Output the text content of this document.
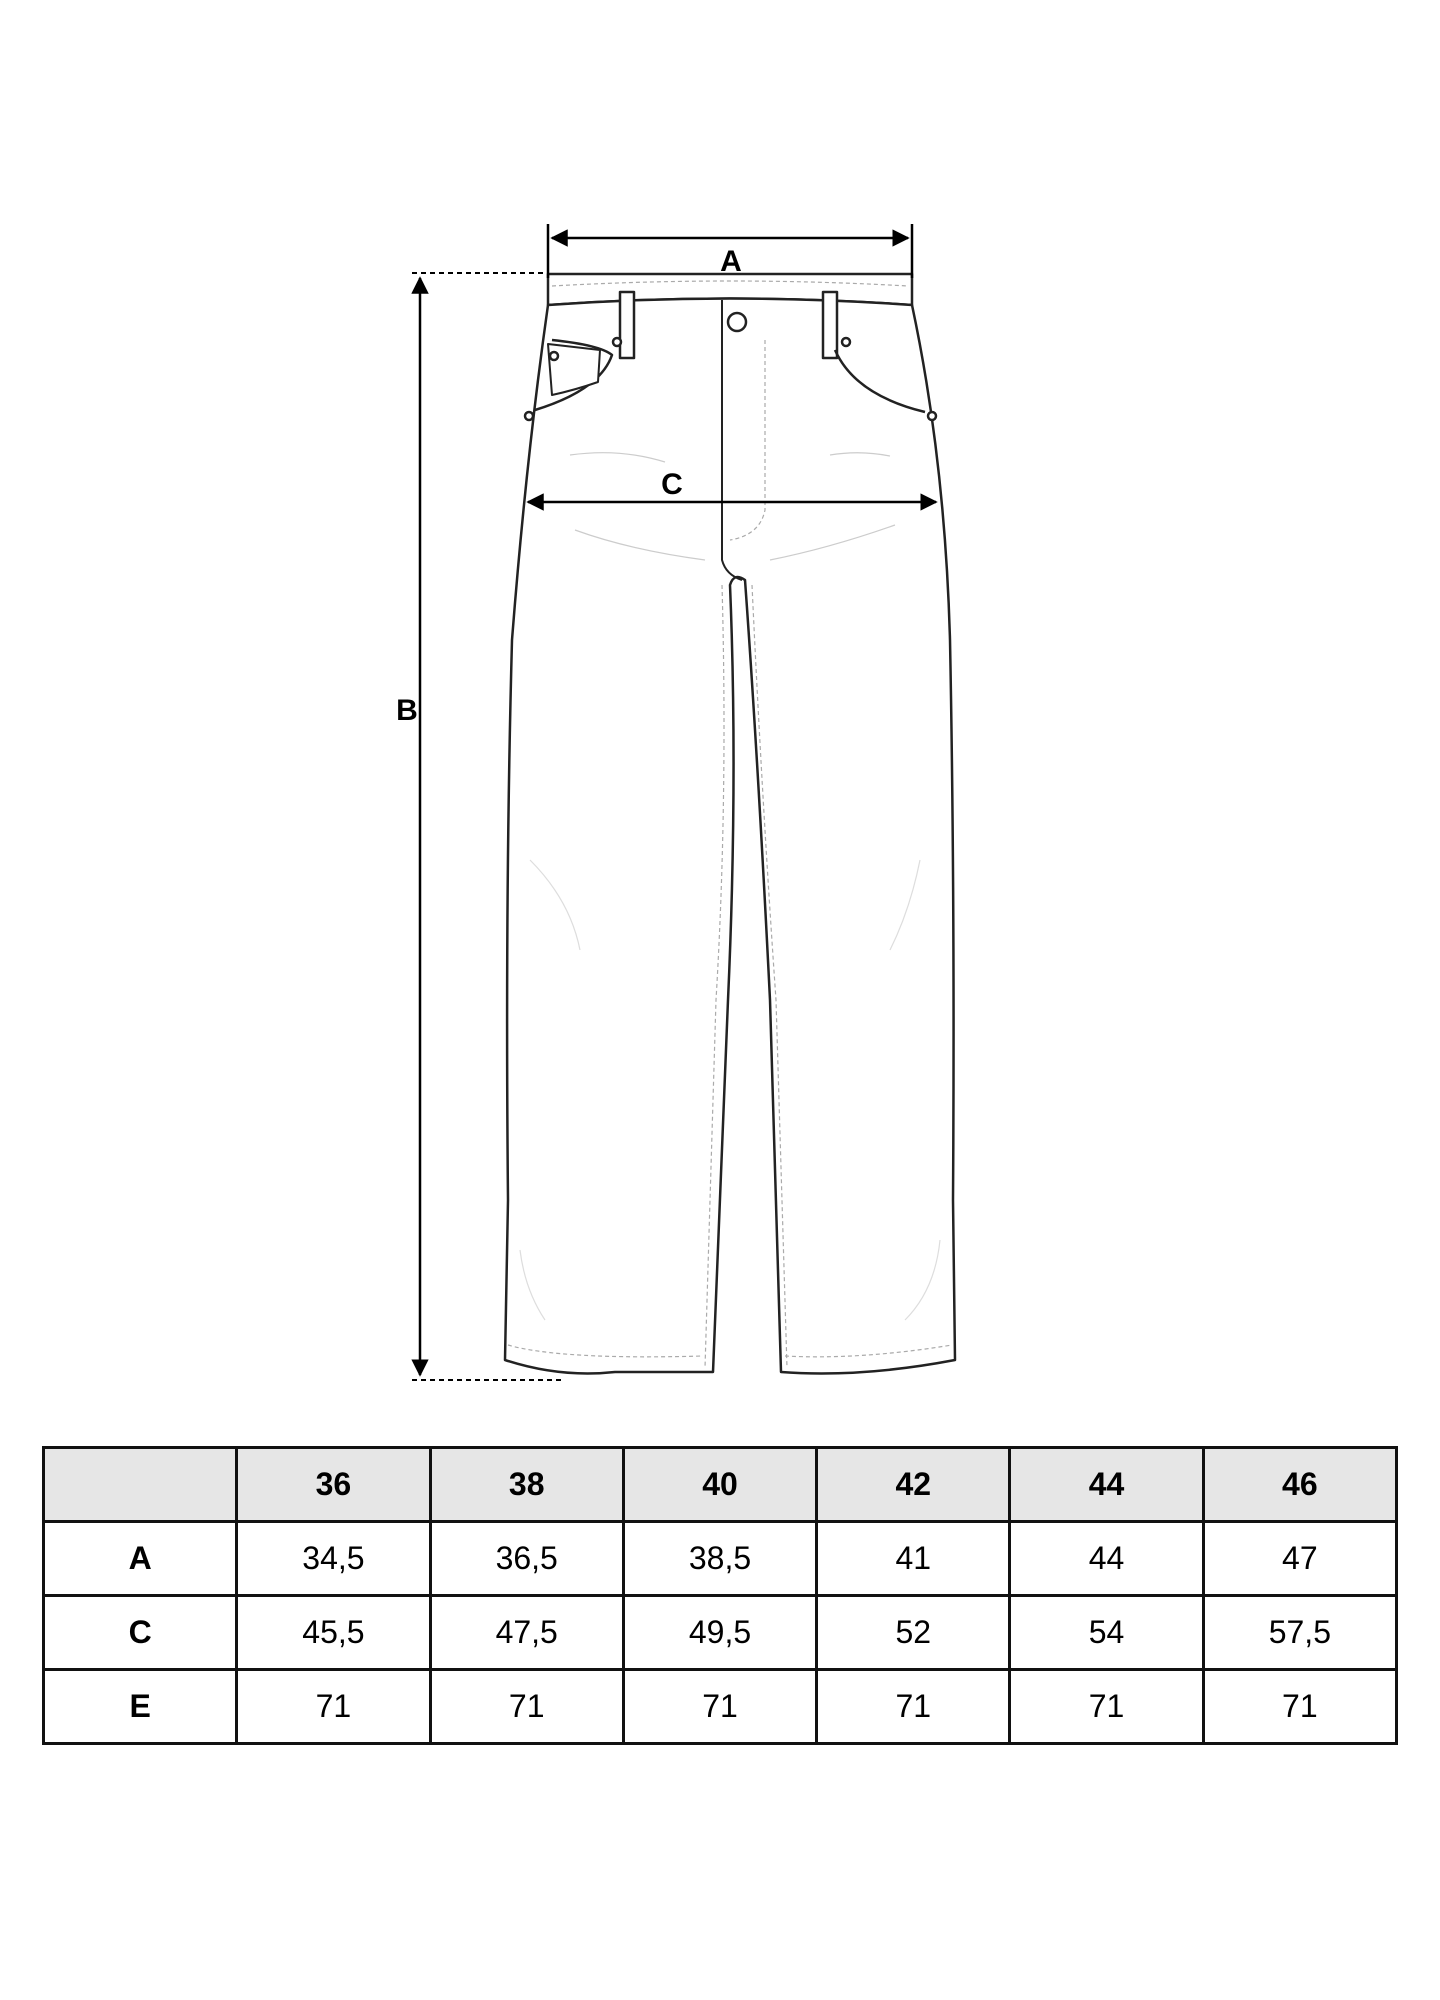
A
B
C
	36	38	40	42	44	46
A	34,5	36,5	38,5	41	44	47
C	45,5	47,5	49,5	52	54	57,5
E	71	71	71	71	71	71
